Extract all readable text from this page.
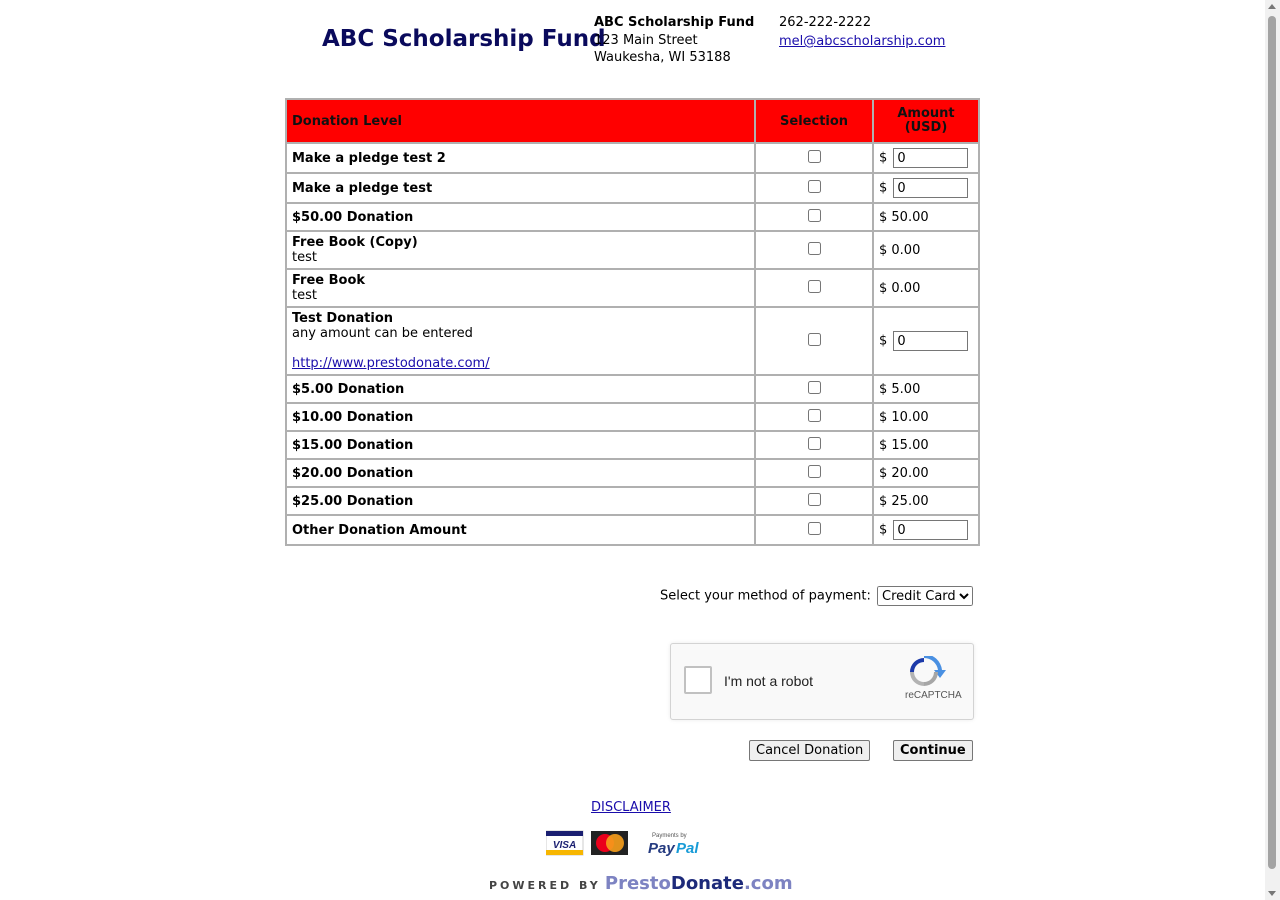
ABC Scholarship Fund
ABC Scholarship Fund
123 Main Street
Waukesha, WI 53188
262-222-2222
mel@abcscholarship.com
Donation Level	Selection	Amount
(USD)
Make a pledge test 2		$ 0
Make a pledge test		$ 0
$50.00 Donation		$ 50.00
Free Book (Copy)
test		$ 0.00
Free Book
test		$ 0.00
Test Donation
any amount can be entered

http://www.prestodonate.com/		$ 0
$5.00 Donation		$ 5.00
$10.00 Donation		$ 10.00
$15.00 Donation		$ 15.00
$20.00 Donation		$ 20.00
$25.00 Donation		$ 25.00
Other Donation Amount		$ 0
Select your method of payment:
Credit Card
I'm not a robot
reCAPTCHA
Cancel Donation	Continue
DISCLAIMER
VISA
Payments by
Pay Pal
POWERED BY PrestoDonate.com
